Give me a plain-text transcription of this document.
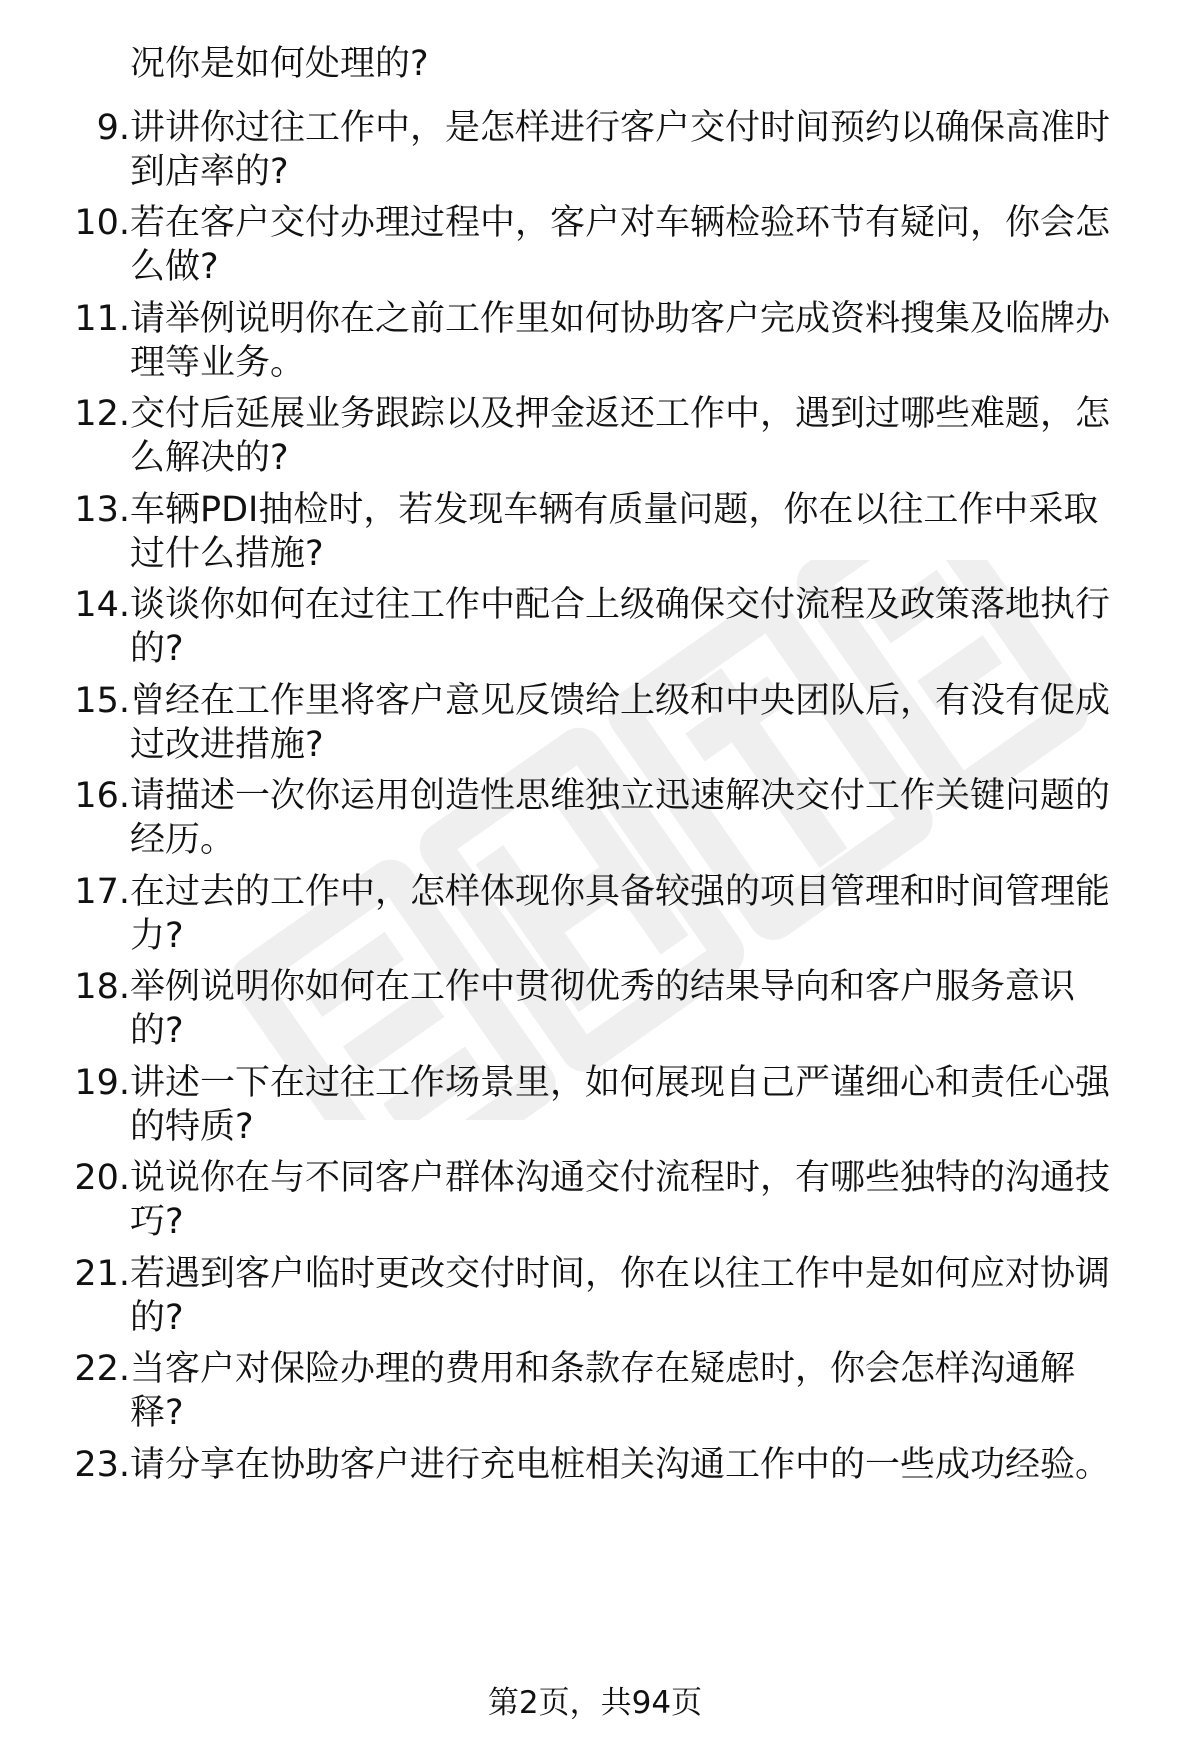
况你是如何处理的?
9. 讲讲你过往工作中，是怎样进行客户交付时间预约以确保高准时
到店率的?
10. 若在客户交付办理过程中，客户对车辆检验环节有疑问，你会怎
么做?
11. 请举例说明你在之前工作里如何协助客户完成资料搜集及临牌办
理等业务。
12. 交付后延展业务跟踪以及押金返还工作中，遇到过哪些难题，怎
么解决的?
13. 车辆PDI抽检时，若发现车辆有质量问题，你在以往工作中采取
过什么措施?
14. 谈谈你如何在过往工作中配合上级确保交付流程及政策落地执行
的?
15. 曾经在工作里将客户意见反馈给上级和中央团队后，有没有促成
过改进措施?
16. 请描述一次你运用创造性思维独立迅速解决交付工作关键问题的
经历。
17. 在过去的工作中，怎样体现你具备较强的项目管理和时间管理能
力?
18. 举例说明你如何在工作中贯彻优秀的结果导向和客户服务意识
的?
19. 讲述一下在过往工作场景里，如何展现自己严谨细心和责任心强
的特质?
20. 说说你在与不同客户群体沟通交付流程时，有哪些独特的沟通技
巧?
21. 若遇到客户临时更改交付时间，你在以往工作中是如何应对协调
的?
22. 当客户对保险办理的费用和条款存在疑虑时，你会怎样沟通解
释?
23. 请分享在协助客户进行充电桩相关沟通工作中的一些成功经验。
第2页，共94页
